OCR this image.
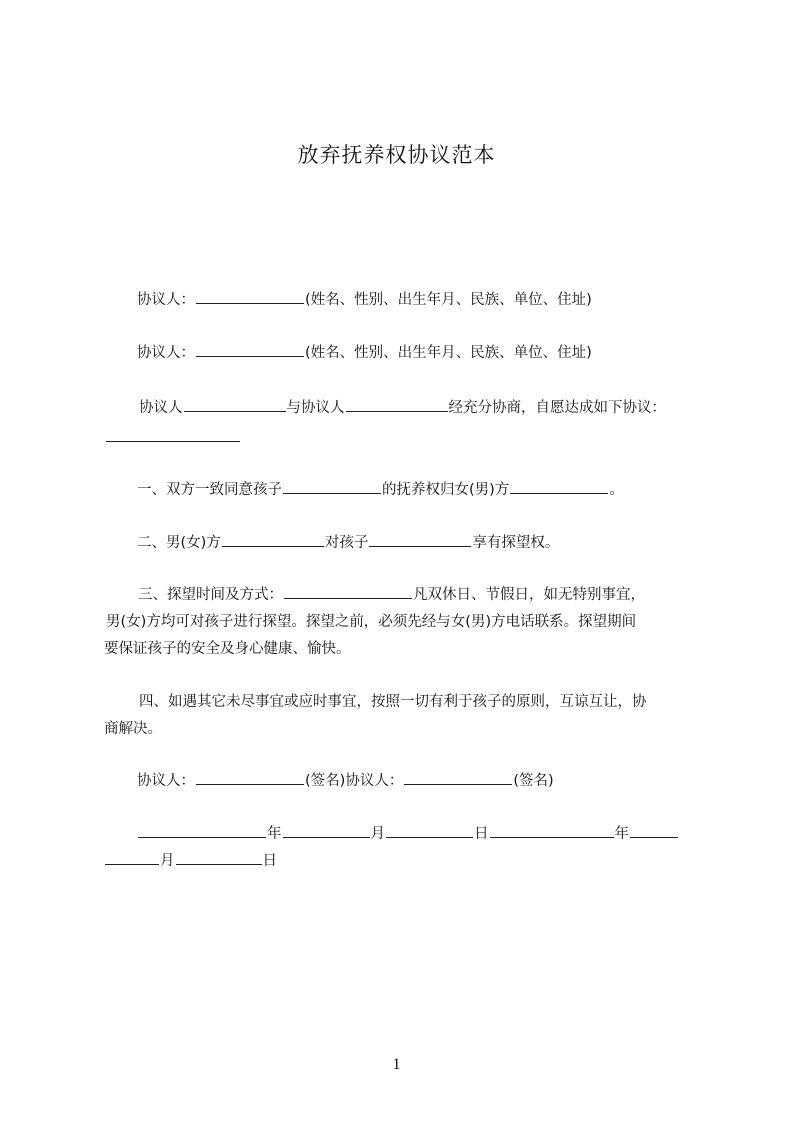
放弃抚养权协议范本
协议人：	(姓名、性别、出生年月、民族、单位、住址)
协议人：	(姓名、性别、出生年月、民族、单位、住址)
协议人	与协议人	经充分协商，自愿达成如下协议：
一、双方一致同意孩子	的抚养权归女(男)方	。
二、男(女)方	对孩子	享有探望权。
三、探望时间及方式：	凡双休日、节假日，如无特别事宜，
男(女)方均可对孩子进行探望。探望之前，必须先经与女(男)方电话联系。探望期间
要保证孩子的安全及身心健康、愉快。
四、如遇其它未尽事宜或应时事宜，按照一切有利于孩子的原则，互谅互让，协
商解决。
协议人：	(签名)协议人：	(签名)
年	月	日	年
月	日
1
